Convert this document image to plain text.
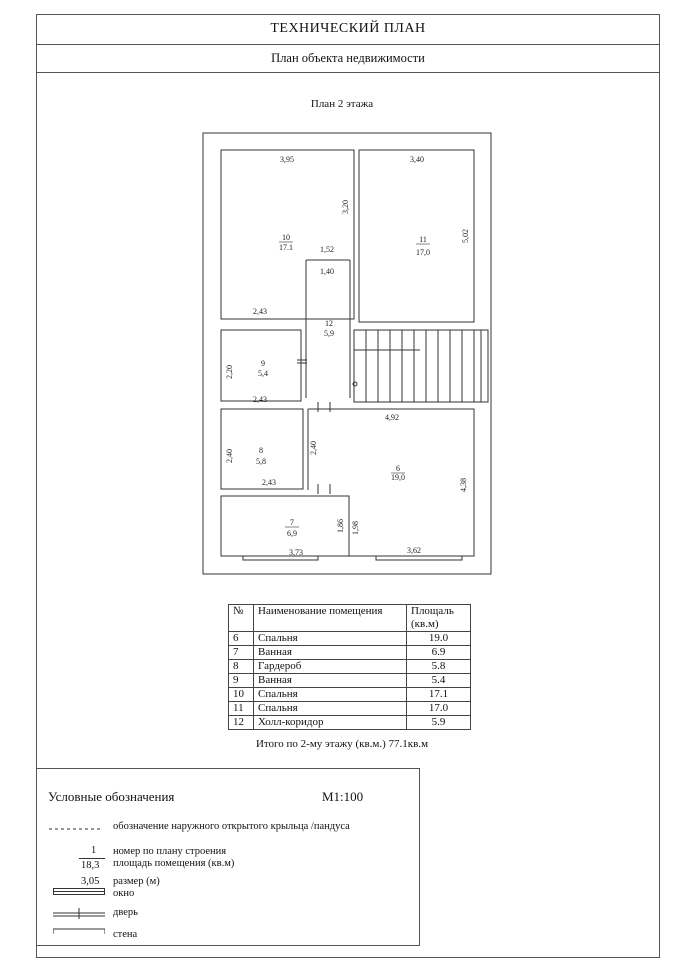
ТЕХНИЧЕСКИЙ ПЛАН
План объекта недвижимости
План 2 этажа
10
17.1
11
17,0
12
5,9
9
5,4
8
5,8
6
19,0
7
6,9
3,95
3,20
1,52
2,43
3,40
5,02
1,40
2,20
2,43
4,92
2,40
2,40
2,43	4,38
1,86 1,98
3,73	3,62
№	Наименование помещения	Площаль (кв.м)
6	Спальня	19.0
7	Ванная	6.9
8	Гардероб	5.8
9	Ванная	5.4
10	Спальня	17.1
11	Спальня	17.0
12	Холл-коридор	5.9
Итого по 2-му этажу (кв.м.) 77.1кв.м
Условные обозначения	М1:100
обозначение наружного открытого крыльца /пандуса
1
18,3
номер по плану строения
площадь помещения (кв.м)
3,05 размер (м)
окно
дверь
стена
